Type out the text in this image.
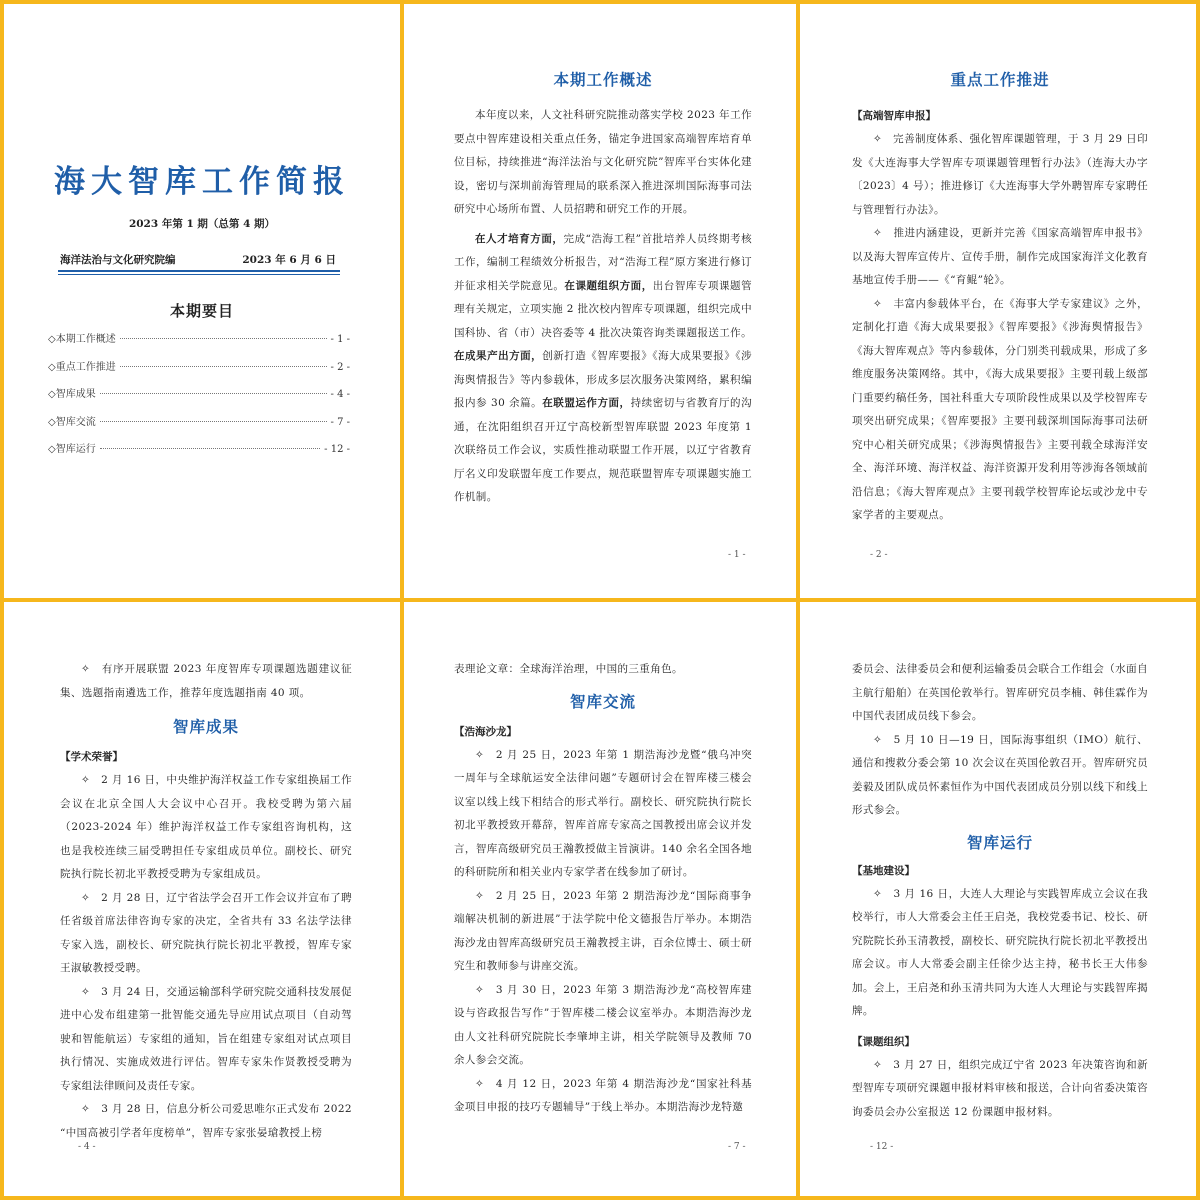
海大智库工作简报
2023 年第 1 期（总第 4 期）
海洋法治与文化研究院编	2023 年 6 月 6 日
本期要目
◇本期工作概述	- 1 -
◇重点工作推进	- 2 -
◇智库成果	- 4 -
◇智库交流	- 7 -
◇智库运行	- 12 -
本期工作概述

本年度以来，人文社科研究院推动落实学校 2023 年工作要点中智库建设相关重点任务，锚定争进国家高端智库培育单位目标，持续推进“海洋法治与文化研究院”智库平台实体化建设，密切与深圳前海管理局的联系深入推进深圳国际海事司法研究中心场所布置、人员招聘和研究工作的开展。

在人才培育方面，完成“浩海工程”首批培养人员终期考核工作，编制工程绩效分析报告，对“浩海工程”原方案进行修订并征求相关学院意见。在课题组织方面，出台智库专项课题管理有关规定，立项实施 2 批次校内智库专项课题，组织完成中国科协、省（市）决咨委等 4 批次决策咨询类课题报送工作。在成果产出方面，创新打造《智库要报》《海大成果要报》《涉海舆情报告》等内参载体，形成多层次服务决策网络，累积编报内参 30 余篇。在联盟运作方面，持续密切与省教育厅的沟通，在沈阳组织召开辽宁高校新型智库联盟 2023 年度第 1 次联络员工作会议，实质性推动联盟工作开展，以辽宁省教育厅名义印发联盟年度工作要点，规范联盟智库专项课题实施工作机制。

- 1 -
重点工作推进

【高端智库申报】

✧　完善制度体系、强化智库课题管理，于 3 月 29 日印发《大连海事大学智库专项课题管理暂行办法》（连海大办字〔2023〕4 号）；推进修订《大连海事大学外聘智库专家聘任与管理暂行办法》。

✧　推进内涵建设，更新并完善《国家高端智库申报书》以及海大智库宣传片、宣传手册，制作完成国家海洋文化教育基地宣传手册——《“育鲲”轮》。

✧　丰富内参载体平台，在《海事大学专家建议》之外，定制化打造《海大成果要报》《智库要报》《涉海舆情报告》《海大智库观点》等内参载体，分门别类刊载成果，形成了多维度服务决策网络。其中，《海大成果要报》主要刊载上级部门重要约稿任务，国社科重大专项阶段性成果以及学校智库专项突出研究成果；《智库要报》主要刊载深圳国际海事司法研究中心相关研究成果；《涉海舆情报告》主要刊载全球海洋安全、海洋环境、海洋权益、海洋资源开发利用等涉海各领域前沿信息；《海大智库观点》主要刊载学校智库论坛或沙龙中专家学者的主要观点。

- 2 -

✧　有序开展联盟 2023 年度智库专项课题选题建议征集、选题指南遴选工作，推荐年度选题指南 40 项。

智库成果

【学术荣誉】

✧　2 月 16 日，中央维护海洋权益工作专家组换届工作会议在北京全国人大会议中心召开。我校受聘为第六届（2023-2024 年）维护海洋权益工作专家组咨询机构，这也是我校连续三届受聘担任专家组成员单位。副校长、研究院执行院长初北平教授受聘为专家组成员。

✧　2 月 28 日，辽宁省法学会召开工作会议并宣布了聘任省级首席法律咨询专家的决定，全省共有 33 名法学法律专家入选，副校长、研究院执行院长初北平教授，智库专家王淑敏教授受聘。

✧　3 月 24 日，交通运输部科学研究院交通科技发展促进中心发布组建第一批智能交通先导应用试点项目（自动驾驶和智能航运）专家组的通知，旨在组建专家组对试点项目执行情况、实施成效进行评估。智库专家朱作贤教授受聘为专家组法律顾问及责任专家。

✧　3 月 28 日，信息分析公司爱思唯尔正式发布 2022 “中国高被引学者年度榜单”，智库专家张晏瑲教授上榜

- 4 -

表理论文章：全球海洋治理，中国的三重角色。

智库交流

【浩海沙龙】

✧　2 月 25 日，2023 年第 1 期浩海沙龙暨“俄乌冲突一周年与全球航运安全法律问题”专题研讨会在智库楼三楼会议室以线上线下相结合的形式举行。副校长、研究院执行院长初北平教授致开幕辞，智库首席专家高之国教授出席会议并发言，智库高级研究员王瀚教授做主旨演讲。140 余名全国各地的科研院所和相关业内专家学者在线参加了研讨。

✧　2 月 25 日，2023 年第 2 期浩海沙龙“国际商事争端解决机制的新进展”于法学院中伦文德报告厅举办。本期浩海沙龙由智库高级研究员王瀚教授主讲，百余位博士、硕士研究生和教师参与讲座交流。

✧　3 月 30 日，2023 年第 3 期浩海沙龙“高校智库建设与咨政报告写作”于智库楼二楼会议室举办。本期浩海沙龙由人文社科研究院院长李肇坤主讲，相关学院领导及教师 70 余人参会交流。

✧　4 月 12 日，2023 年第 4 期浩海沙龙“国家社科基金项目申报的技巧专题辅导”于线上举办。本期浩海沙龙特邀

- 7 -

委员会、法律委员会和便利运输委员会联合工作组会（水面自主航行船舶）在英国伦敦举行。智库研究员李楠、韩佳霖作为中国代表团成员线下参会。

✧　5 月 10 日—19 日，国际海事组织（IMO）航行、通信和搜救分委会第 10 次会议在英国伦敦召开。智库研究员姜毅及团队成员怀素恒作为中国代表团成员分别以线下和线上形式参会。

智库运行

【基地建设】

✧　3 月 16 日，大连人大理论与实践智库成立会议在我校举行，市人大常委会主任王启尧，我校党委书记、校长、研究院院长孙玉清教授，副校长、研究院执行院长初北平教授出席会议。市人大常委会副主任徐少达主持，秘书长王大伟参加。会上，王启尧和孙玉清共同为大连人大理论与实践智库揭牌。

【课题组织】

✧　3 月 27 日，组织完成辽宁省 2023 年决策咨询和新型智库专项研究课题申报材料审核和报送，合计向省委决策咨询委员会办公室报送 12 份课题申报材料。

- 12 -
